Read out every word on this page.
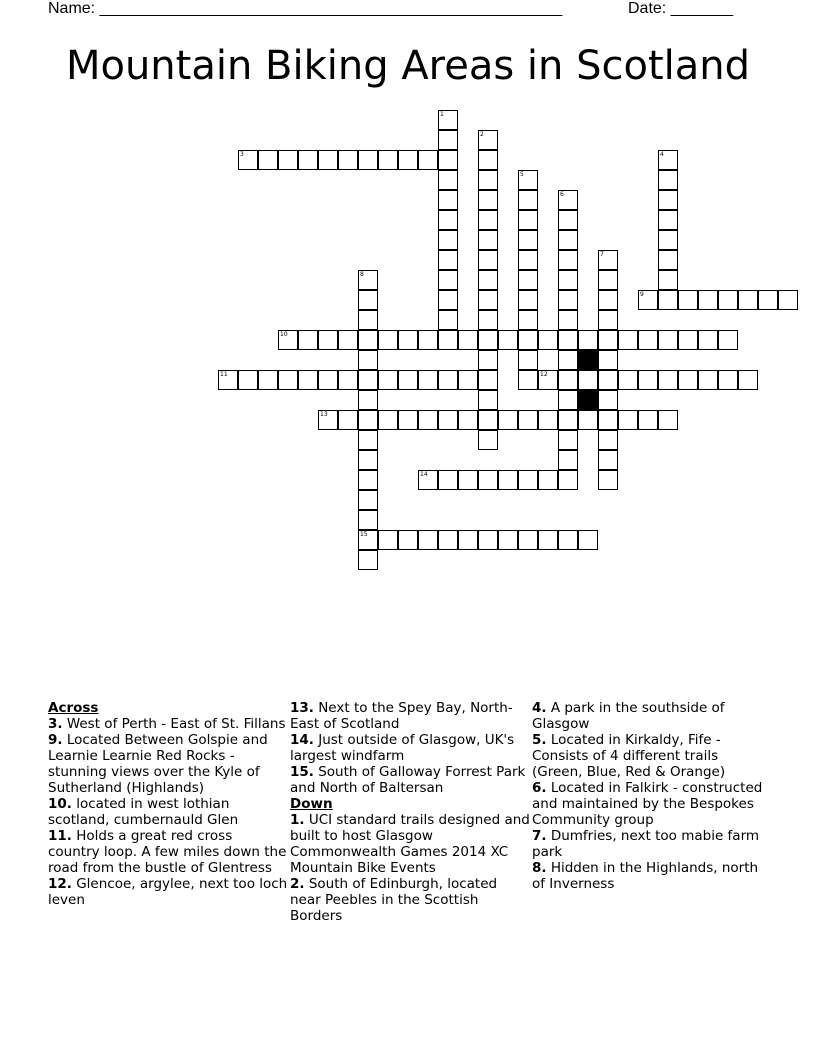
Name: ____________________________________________________	Date: _______
Mountain Biking Areas in Scotland
1
2
3	4
5
6
7
8
15
9
10
11	12
13
14
Across
3. West of Perth - East of St. Fillans
9. Located Between Golspie and Learnie Learnie Red Rocks - stunning views over the Kyle of Sutherland (Highlands)
10. located in west lothian scotland, cumbernauld Glen
11. Holds a great red cross country loop. A few miles down the road from the bustle of Glentress
12. Glencoe, argylee, next too loch leven
13. Next to the Spey Bay, North-East of Scotland
14. Just outside of Glasgow, UK's largest windfarm
15. South of Galloway Forrest Park and North of Baltersan
Down
1. UCI standard trails designed and built to host Glasgow Commonwealth Games 2014 XC Mountain Bike Events
2. South of Edinburgh, located near Peebles in the Scottish Borders
4. A park in the southside of Glasgow
5. Located in Kirkaldy, Fife - Consists of 4 different trails (Green, Blue, Red & Orange)
6. Located in Falkirk - constructed and maintained by the Bespokes Community group
7. Dumfries, next too mabie farm park
8. Hidden in the Highlands, north of Inverness
